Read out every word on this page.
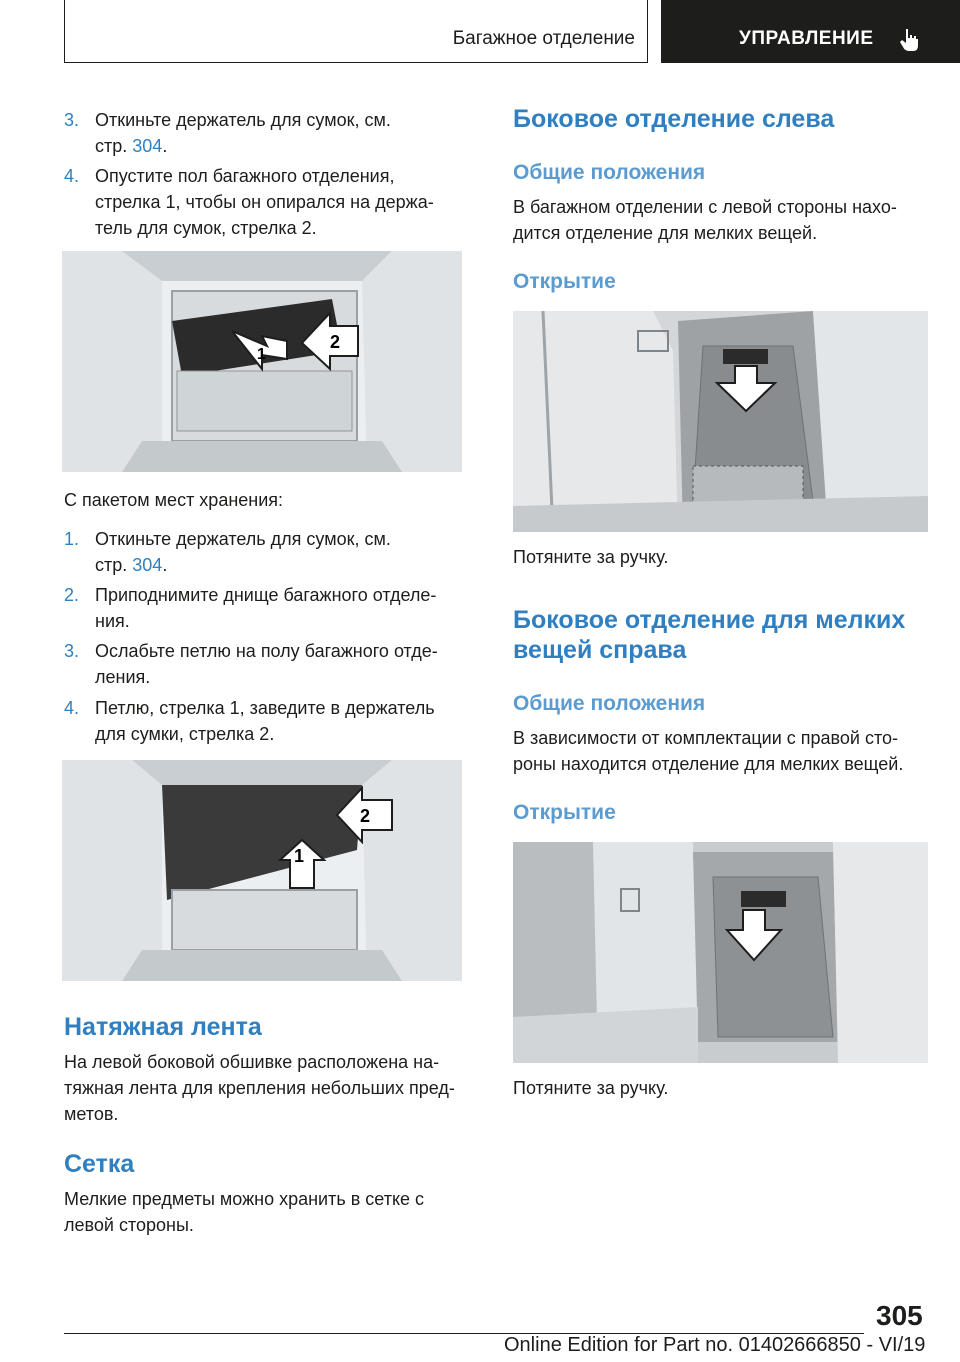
Багажное отделение	УПРАВЛЕНИЕ
3. Откиньте держатель для сумок, см.
стр. 304.
4. Опустите пол багажного отделения,
стрелка 1, чтобы он опирался на держа-
тель для сумок, стрелка 2.
1
2

С пакетом мест хранения:

1. Откиньте держатель для сумок, см.
стр. 304.
2. Приподнимите днище багажного отделе-
ния.
3. Ослабьте петлю на полу багажного отде-
ления.
4. Петлю, стрелка 1, заведите в держатель
для сумки, стрелка 2.
1
2
Натяжная лента

На левой боковой обшивке расположена на-

тяжная лента для крепления небольших пред-

метов.

Сетка

Мелкие предметы можно хранить в сетке с

левой стороны.

Боковое отделение слева
Общие положения

В багажном отделении с левой стороны нахо-

дится отделение для мелких вещей.

Открытие

Потяните за ручку.

Боковое отделение для мелких
вещей справа
Общие положения

В зависимости от комплектации с правой сто-

роны находится отделение для мелких вещей.

Открытие

Потяните за ручку.

305
Online Edition for Part no. 01402666850 - VI/19
